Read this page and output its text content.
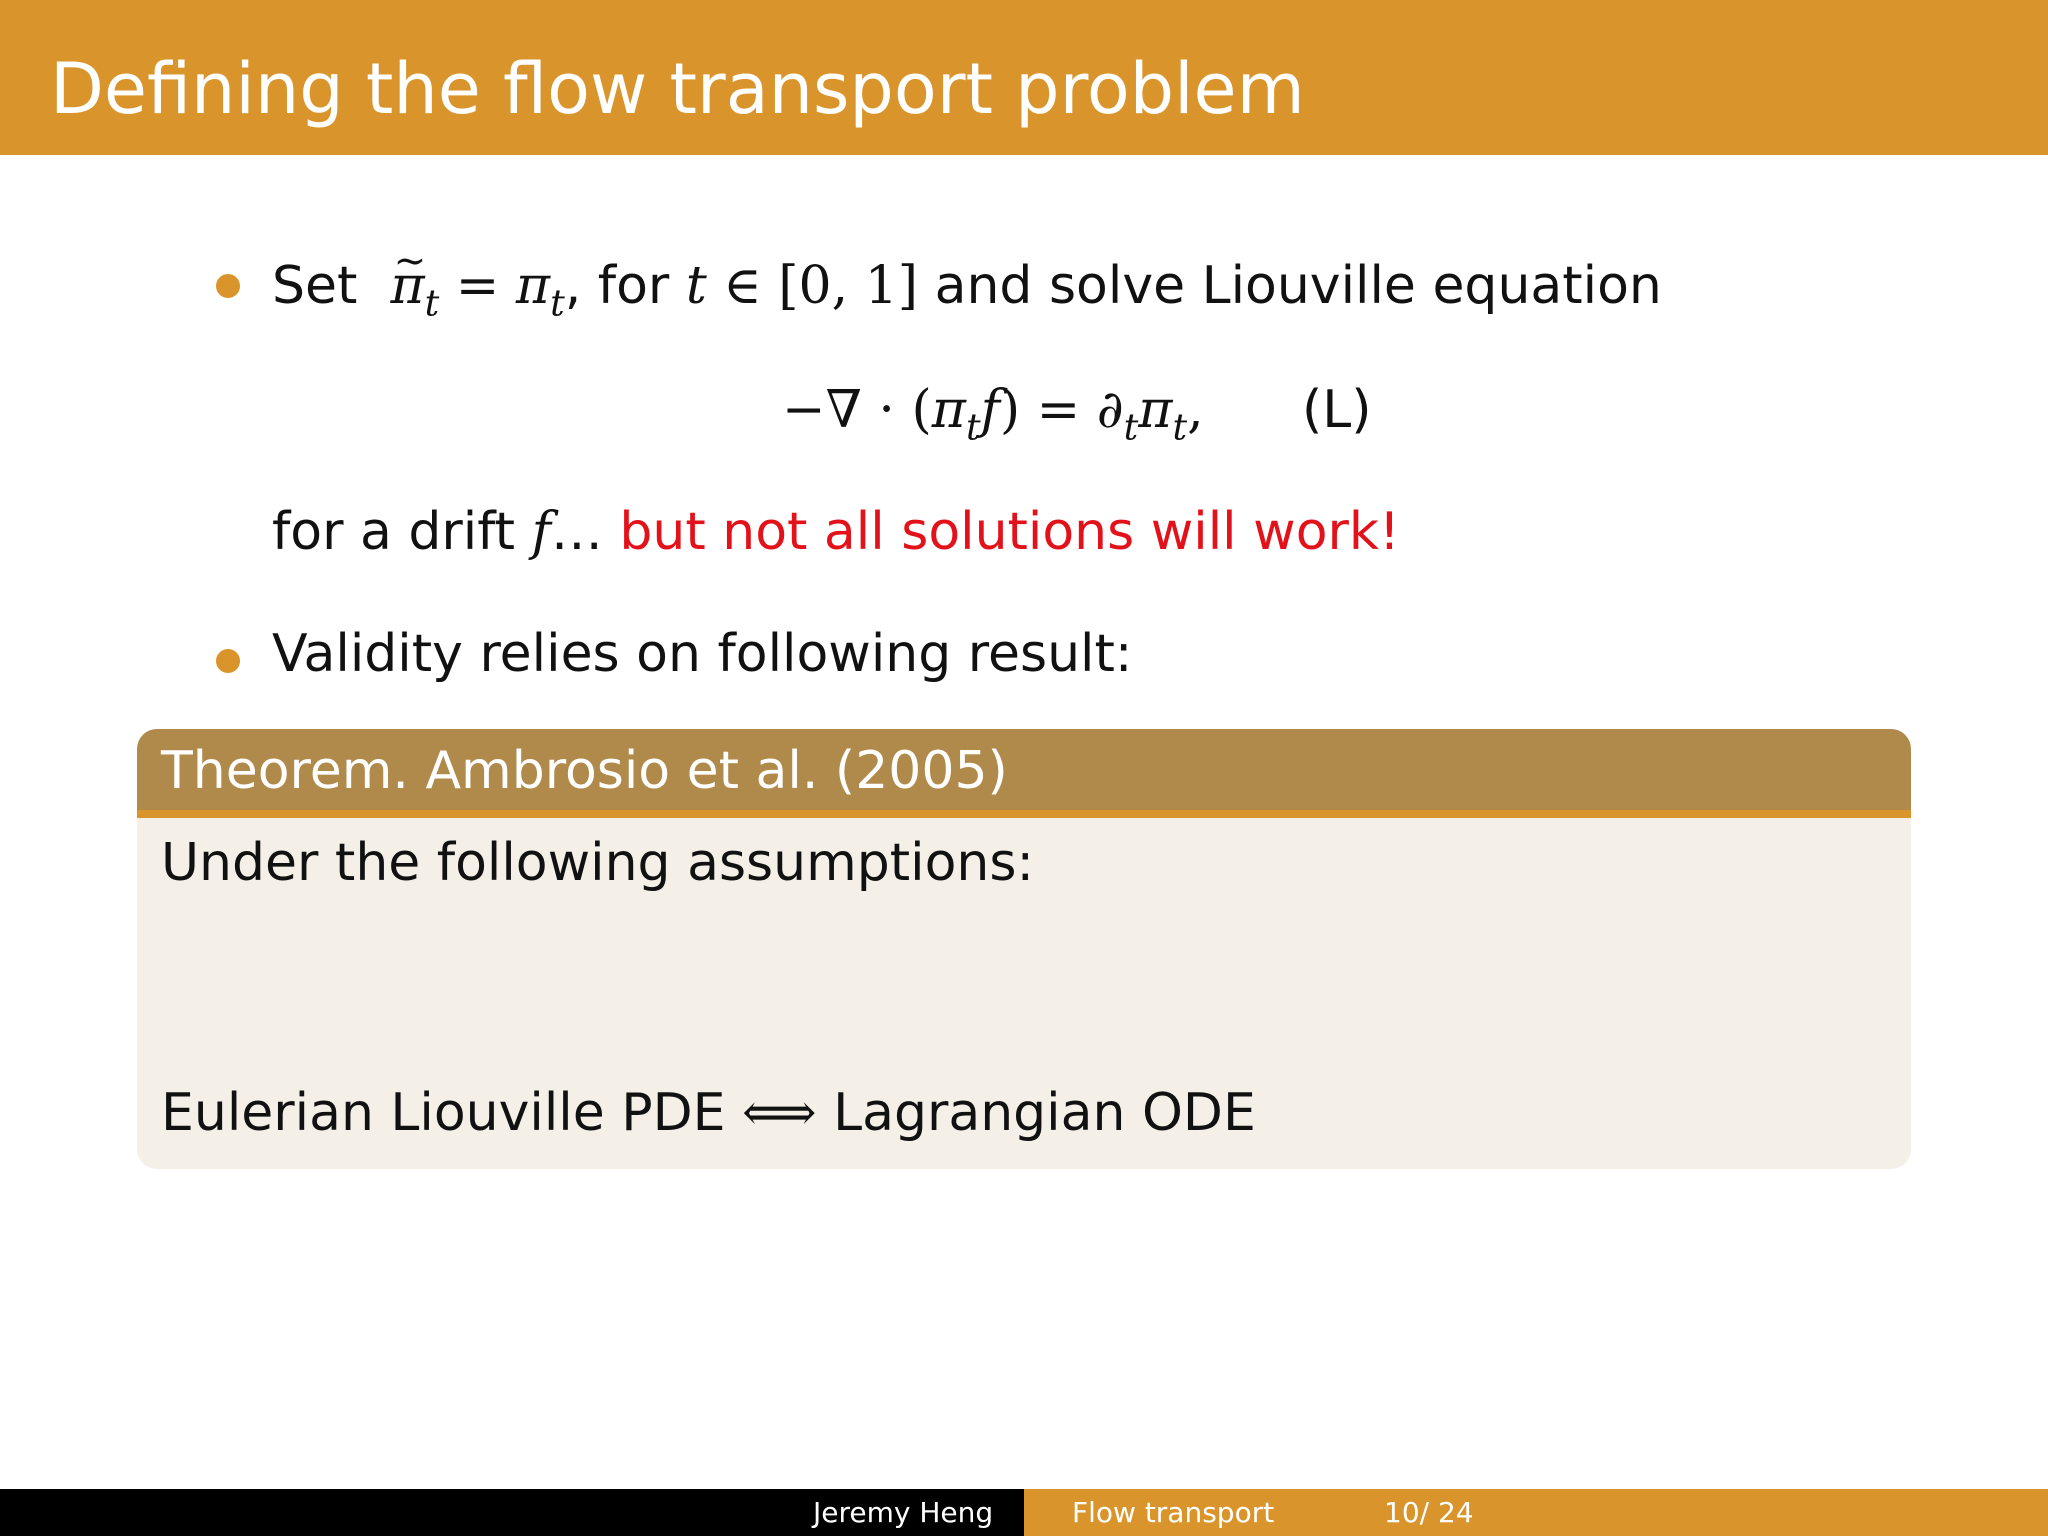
Defining the flow transport problem
Set π $\sim_t = \pi_t$, for t ∈ [0, 1] and solve Liouville equation
−∇ · $(\pi_tf) = \partial_t\pi_t$, (L)
for a drift f… but not all solutions will work!
Validity relies on following result:
Theorem. Ambrosio et al. (2005)
Under the following assumptions:
Eulerian Liouville PDE ⟺ Lagrangian ODE
Jeremy Heng	Flow transport	10/ 24
